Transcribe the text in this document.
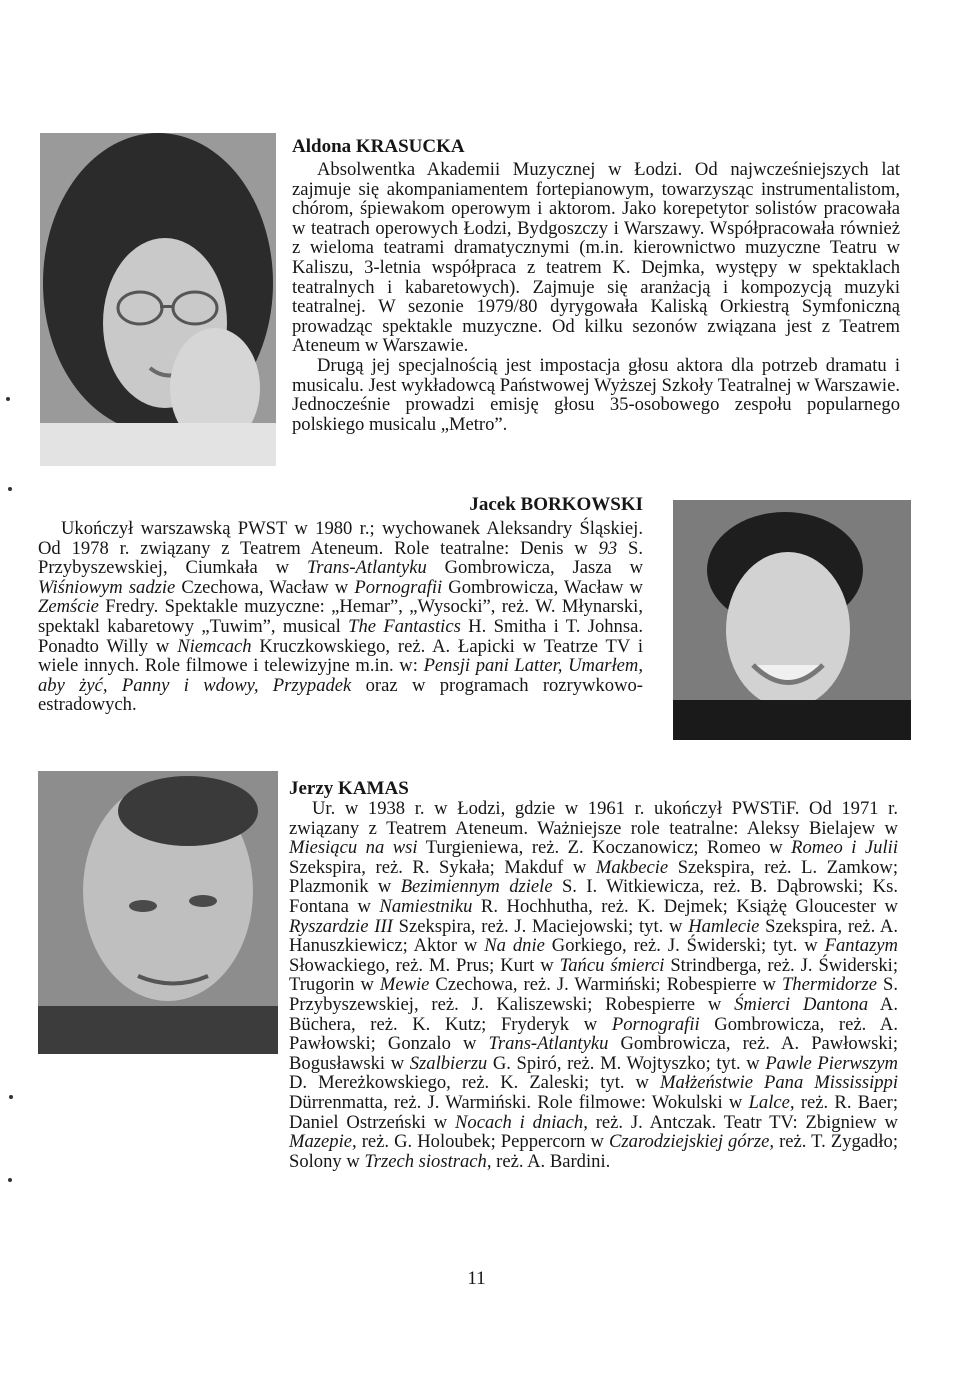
Aldona KRASUCKA

Absolwentka Akademii Muzycznej w Łodzi. Od najwcześniejszych lat zajmuje się akompaniamentem fortepianowym, towarzysząc instrumentalistom, chórom, śpiewakom operowym i aktorom. Jako korepetytor solistów pracowała w teatrach operowych Łodzi, Bydgoszczy i Warszawy. Współpracowała również z wieloma teatrami dramatycznymi (m.in. kierownictwo muzyczne Teatru w Kaliszu, 3-letnia współpraca z teatrem K. Dejmka, występy w spektaklach teatralnych i kabaretowych). Zajmuje się aranżacją i kompozycją muzyki teatralnej. W sezonie 1979/80 dyrygowała Kaliską Orkiestrą Symfoniczną prowadząc spektakle muzyczne. Od kilku sezonów związana jest z Teatrem Ateneum w Warszawie.

Drugą jej specjalnością jest impostacja głosu aktora dla potrzeb dramatu i musicalu. Jest wykładowcą Państwowej Wyższej Szkoły Teatralnej w Warszawie. Jednocześnie prowadzi emisję głosu 35-osobowego zespołu popularnego polskiego musicalu „Metro”.

Jacek BORKOWSKI

Ukończył warszawską PWST w 1980 r.; wychowanek Aleksandry Śląskiej. Od 1978 r. związany z Teatrem Ateneum. Role teatralne: Denis w 93 S. Przybyszewskiej, Ciumkała w Trans-Atlantyku Gombrowicza, Jasza w Wiśniowym sadzie Czechowa, Wacław w Pornografii Gombrowicza, Wacław w Zemście Fredry. Spektakle muzyczne: „Hemar”, „Wysocki”, reż. W. Młynarski, spektakl kabaretowy „Tuwim”, musical The Fantastics H. Smitha i T. Johnsa. Ponadto Willy w Niemcach Kruczkowskiego, reż. A. Łapicki w Teatrze TV i wiele innych. Role filmowe i telewizyjne m.in. w: Pensji pani Latter, Umarłem, aby żyć, Panny i wdowy, Przypadek oraz w programach rozrywkowo-estradowych.

Jerzy KAMAS

Ur. w 1938 r. w Łodzi, gdzie w 1961 r. ukończył PWSTiF. Od 1971 r. związany z Teatrem Ateneum. Ważniejsze role teatralne: Aleksy Bielajew w Miesiącu na wsi Turgieniewa, reż. Z. Koczanowicz; Romeo w Romeo i Julii Szekspira, reż. R. Sykała; Makduf w Makbecie Szekspira, reż. L. Zamkow; Plazmonik w Bezimiennym dziele S. I. Witkiewicza, reż. B. Dąbrowski; Ks. Fontana w Namiestniku R. Hochhutha, reż. K. Dejmek; Książę Gloucester w Ryszardzie III Szekspira, reż. J. Maciejowski; tyt. w Hamlecie Szekspira, reż. A. Hanuszkiewicz; Aktor w Na dnie Gorkiego, reż. J. Świderski; tyt. w Fantazym Słowackiego, reż. M. Prus; Kurt w Tańcu śmierci Strindberga, reż. J. Świderski; Trugorin w Mewie Czechowa, reż. J. Warmiński; Robespierre w Thermidorze S. Przybyszewskiej, reż. J. Kaliszewski; Robespierre w Śmierci Dantona A. Büchera, reż. K. Kutz; Fryderyk w Pornografii Gombrowicza, reż. A. Pawłowski; Gonzalo w Trans-Atlantyku Gombrowicza, reż. A. Pawłowski; Bogusławski w Szalbierzu G. Spiró, reż. M. Wojtyszko; tyt. w Pawle Pierwszym D. Mereżkowskiego, reż. K. Zaleski; tyt. w Małżeństwie Pana Mississippi Dürrenmatta, reż. J. Warmiński. Role filmowe: Wokulski w Lalce, reż. R. Baer; Daniel Ostrzeński w Nocach i dniach, reż. J. Antczak. Teatr TV: Zbigniew w Mazepie, reż. G. Holoubek; Peppercorn w Czarodziejskiej górze, reż. T. Zygadło; Solony w Trzech siostrach, reż. A. Bardini.

11
